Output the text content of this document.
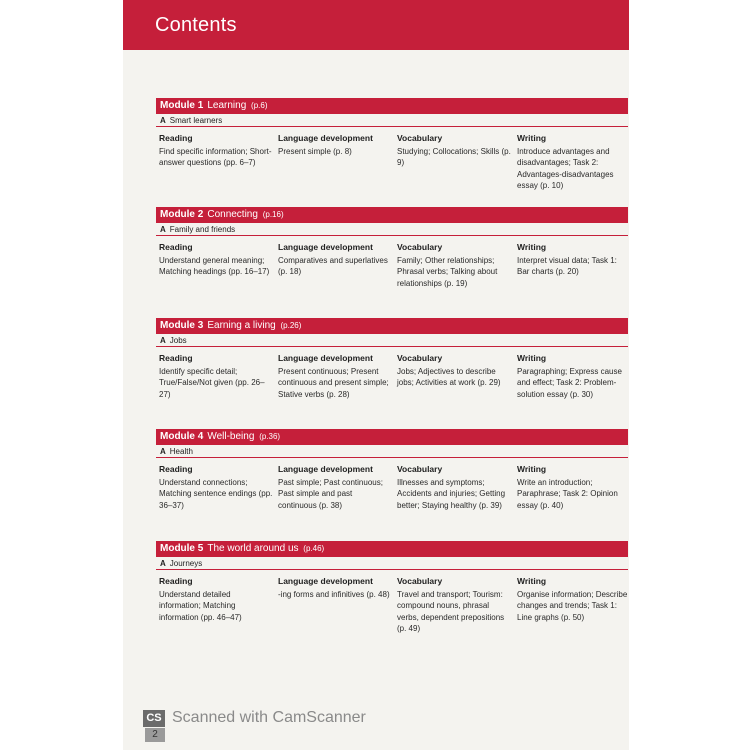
Contents
Module 1 Learning (p.6)
A Smart learners
Reading
Find specific information; Short-answer questions (pp. 6–7)
Language development
Present simple (p. 8)
Vocabulary
Studying; Collocations; Skills (p. 9)
Writing
Introduce advantages and disadvantages; Task 2: Advantages-disadvantages essay (p. 10)
Module 2 Connecting (p.16)
A Family and friends
Reading
Understand general meaning; Matching headings (pp. 16–17)
Language development
Comparatives and superlatives (p. 18)
Vocabulary
Family; Other relationships; Phrasal verbs; Talking about relationships (p. 19)
Writing
Interpret visual data; Task 1: Bar charts (p. 20)
Module 3 Earning a living (p.26)
A Jobs
Reading
Identify specific detail; True/False/Not given (pp. 26–27)
Language development
Present continuous; Present continuous and present simple; Stative verbs (p. 28)
Vocabulary
Jobs; Adjectives to describe jobs; Activities at work (p. 29)
Writing
Paragraphing; Express cause and effect; Task 2: Problem-solution essay (p. 30)
Module 4 Well-being (p.36)
A Health
Reading
Understand connections; Matching sentence endings (pp. 36–37)
Language development
Past simple; Past continuous; Past simple and past continuous (p. 38)
Vocabulary
Illnesses and symptoms; Accidents and injuries; Getting better; Staying healthy (p. 39)
Writing
Write an introduction; Paraphrase; Task 2: Opinion essay (p. 40)
Module 5 The world around us (p.46)
A Journeys
Reading
Understand detailed information; Matching information (pp. 46–47)
Language development
-ing forms and infinitives (p. 48)
Vocabulary
Travel and transport; Tourism: compound nouns, phrasal verbs, dependent prepositions (p. 49)
Writing
Organise information; Describe changes and trends; Task 1: Line graphs (p. 50)
CS Scanned with CamScanner
2
